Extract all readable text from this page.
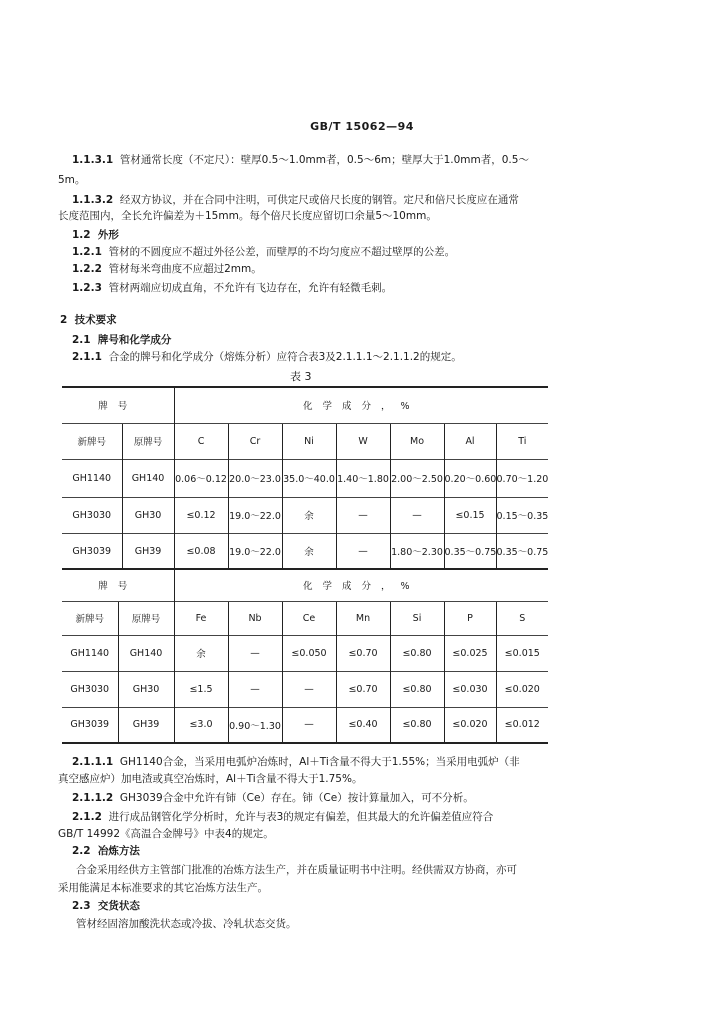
GB/T 15062—94
1.1.3.1 管材通常长度（不定尺）：壁厚0.5～1.0mm者，0.5～6m；壁厚大于1.0mm者，0.5～
5m。
1.1.3.2 经双方协议，并在合同中注明，可供定尺或倍尺长度的钢管。定尺和倍尺长度应在通常
长度范围内，全长允许偏差为＋15mm。每个倍尺长度应留切口余量5～10mm。
1.2 外形
1.2.1 管材的不圆度应不超过外径公差，而壁厚的不均匀度应不超过壁厚的公差。
1.2.2 管材每米弯曲度不应超过2mm。
1.2.3 管材两端应切成直角，不允许有飞边存在，允许有轻微毛刺。
2 技术要求
2.1 牌号和化学成分
2.1.1 合金的牌号和化学成分（熔炼分析）应符合表3及2.1.1.1～2.1.1.2的规定。
表 3
牌号		化学成分，%						
新牌号	原牌号	C	Cr	Ni	W	Mo	Al	Ti
GH1140	GH140	0.06～0.12	20.0～23.0	35.0～40.0	1.40～1.80	2.00～2.50	0.20～0.60	0.70～1.20
GH3030	GH30	≤0.12	19.0～22.0	余	—	—	≤0.15	0.15～0.35
GH3039	GH39	≤0.08	19.0～22.0	余	—	1.80～2.30	0.35～0.75	0.35～0.75
牌号		化学成分，%						
新牌号	原牌号	Fe	Nb	Ce	Mn	Si	P	S
GH1140	GH140	余	—	≤0.050	≤0.70	≤0.80	≤0.025	≤0.015
GH3030	GH30	≤1.5	—	—	≤0.70	≤0.80	≤0.030	≤0.020
GH3039	GH39	≤3.0	0.90～1.30	—	≤0.40	≤0.80	≤0.020	≤0.012
2.1.1.1 GH1140合金，当采用电弧炉冶炼时，Al＋Ti含量不得大于1.55%；当采用电弧炉（非
真空感应炉）加电渣或真空冶炼时，Al＋Ti含量不得大于1.75%。
2.1.1.2 GH3039合金中允许有铈（Ce）存在。铈（Ce）按计算量加入，可不分析。
2.1.2 进行成品钢管化学分析时，允许与表3的规定有偏差，但其最大的允许偏差值应符合
GB/T 14992《高温合金牌号》中表4的规定。
2.2 冶炼方法
合金采用经供方主管部门批准的冶炼方法生产，并在质量证明书中注明。经供需双方协商，亦可
采用能满足本标准要求的其它冶炼方法生产。
2.3 交货状态
管材经固溶加酸洗状态或冷拔、冷轧状态交货。
